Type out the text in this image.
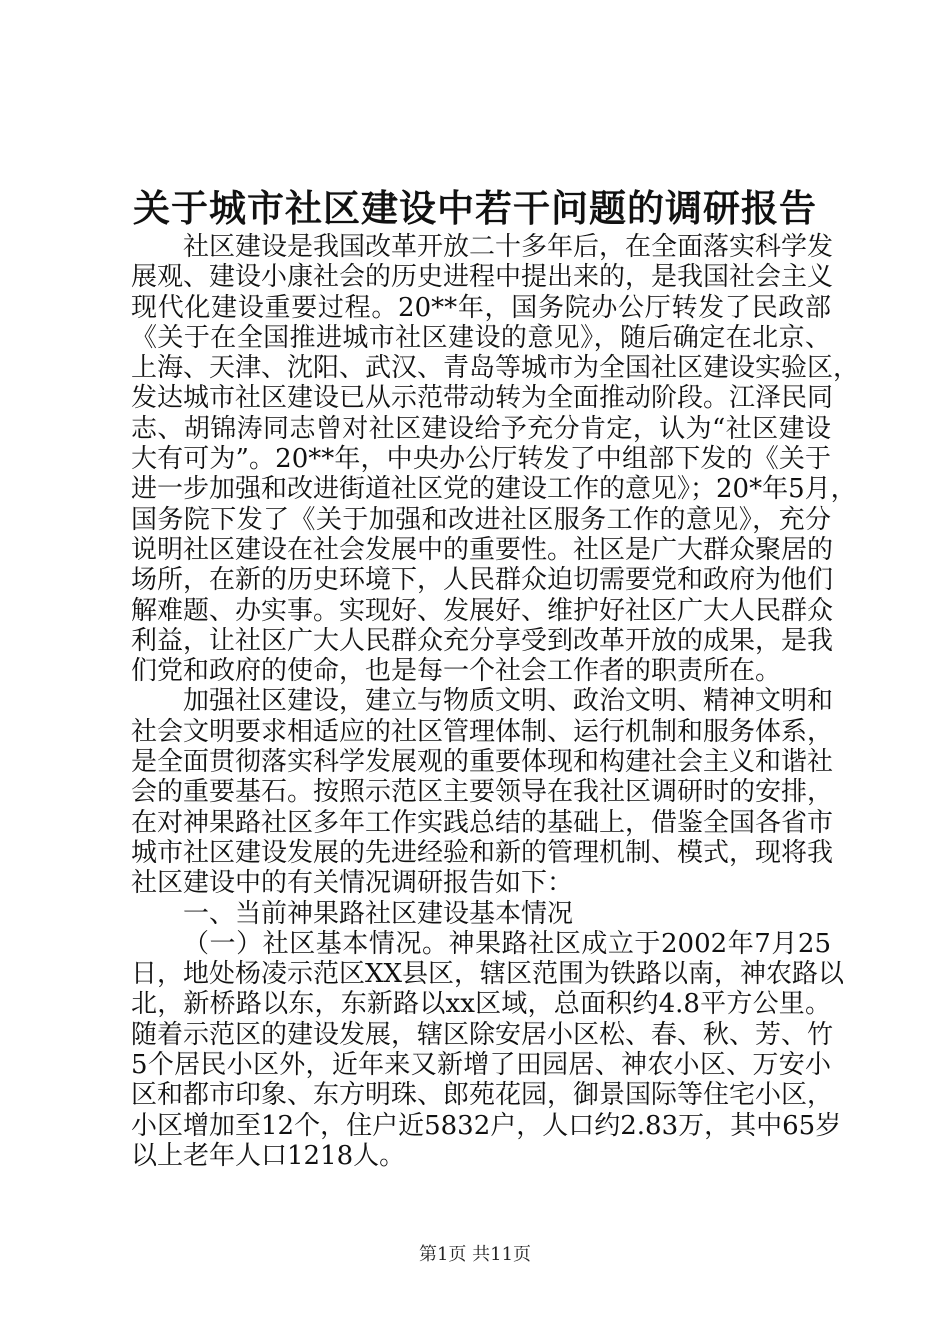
关于城市社区建设中若干问题的调研报告
社区建设是我国改革开放二十多年后，在全面落实科学发
展观、建设小康社会的历史进程中提出来的，是我国社会主义
现代化建设重要过程。20**年，国务院办公厅转发了民政部
《关于在全国推进城市社区建设的意见》，随后确定在北京、
上海、天津、沈阳、武汉、青岛等城市为全国社区建设实验区，
发达城市社区建设已从示范带动转为全面推动阶段。江泽民同
志、胡锦涛同志曾对社区建设给予充分肯定，认为“社区建设
大有可为”。20**年，中央办公厅转发了中组部下发的《关于
进一步加强和改进街道社区党的建设工作的意见》；20*年5月，
国务院下发了《关于加强和改进社区服务工作的意见》，充分
说明社区建设在社会发展中的重要性。社区是广大群众聚居的
场所，在新的历史环境下，人民群众迫切需要党和政府为他们
解难题、办实事。实现好、发展好、维护好社区广大人民群众
利益，让社区广大人民群众充分享受到改革开放的成果，是我
们党和政府的使命，也是每一个社会工作者的职责所在。
加强社区建设，建立与物质文明、政治文明、精神文明和
社会文明要求相适应的社区管理体制、运行机制和服务体系，
是全面贯彻落实科学发展观的重要体现和构建社会主义和谐社
会的重要基石。按照示范区主要领导在我社区调研时的安排，
在对神果路社区多年工作实践总结的基础上，借鉴全国各省市
城市社区建设发展的先进经验和新的管理机制、模式，现将我
社区建设中的有关情况调研报告如下：
一、当前神果路社区建设基本情况
（一）社区基本情况。神果路社区成立于2002年7月25
日，地处杨凌示范区XX县区，辖区范围为铁路以南，神农路以
北，新桥路以东，东新路以xx区域，总面积约4.8平方公里。
随着示范区的建设发展，辖区除安居小区松、春、秋、芳、竹
5个居民小区外，近年来又新增了田园居、神农小区、万安小
区和都市印象、东方明珠、郎苑花园，御景国际等住宅小区，
小区增加至12个，住户近5832户，人口约2.83万，其中65岁
以上老年人口1218人。
第1页 共11页
